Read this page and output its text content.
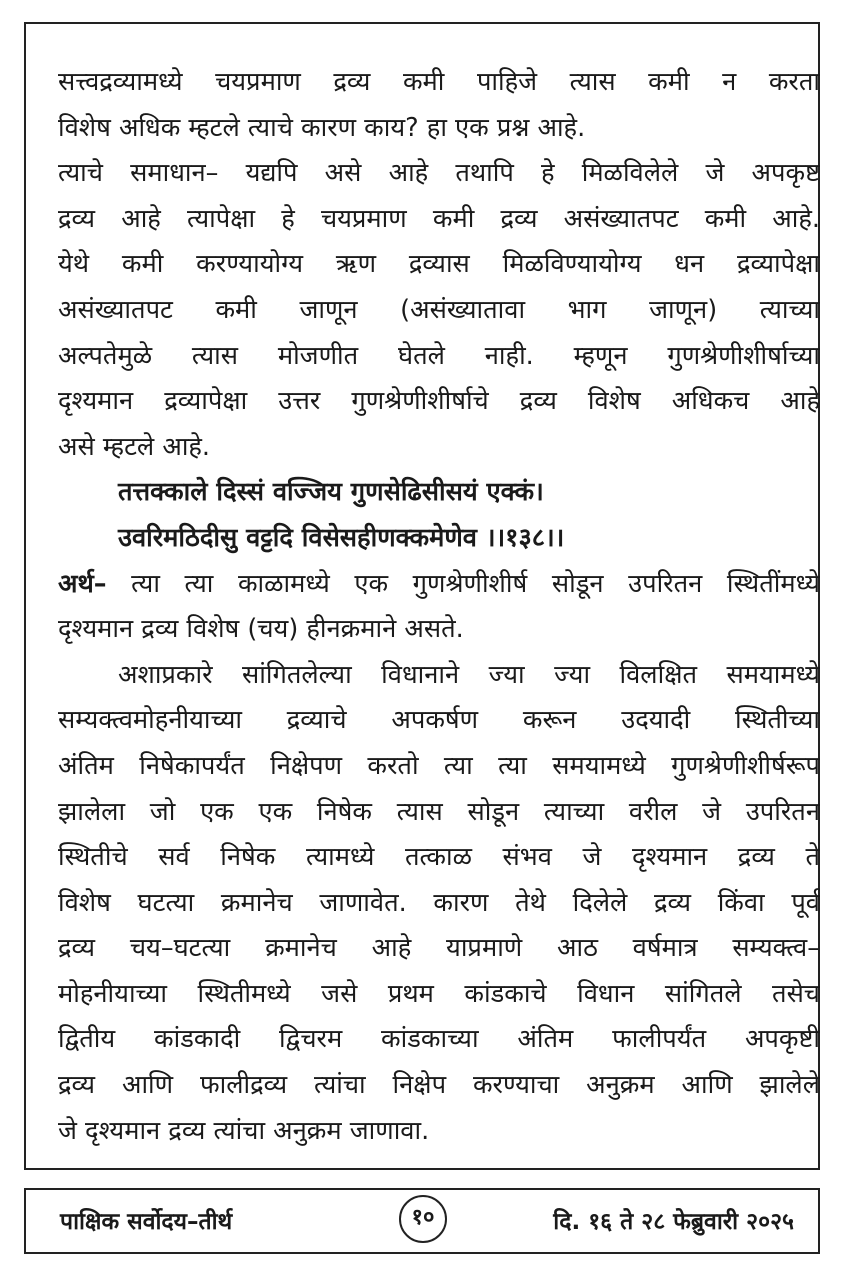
सत्त्वद्रव्यामध्ये चयप्रमाण द्रव्य कमी पाहिजे त्यास कमी न करता
विशेष अधिक म्हटले त्याचे कारण काय? हा एक प्रश्न आहे.
त्याचे समाधान– यद्यपि असे आहे तथापि हे मिळविलेले जे अपकृष्ट
द्रव्य आहे त्यापेक्षा हे चयप्रमाण कमी द्रव्य असंख्यातपट कमी आहे.
येथे कमी करण्यायोग्य ऋण द्रव्यास मिळविण्यायोग्य धन द्रव्यापेक्षा
असंख्यातपट कमी जाणून (असंख्यातावा भाग जाणून) त्याच्या
अल्पतेमुळे त्यास मोजणीत घेतले नाही. म्हणून गुणश्रेणीशीर्षाच्या
दृश्यमान द्रव्यापेक्षा उत्तर गुणश्रेणीशीर्षाचे द्रव्य विशेष अधिकच आहे
असे म्हटले आहे.
तत्तक्काले दिस्सं वज्जिय गुणसेढिसीसयं एक्कं।
उवरिमठिदीसु वट्टदि विसेसहीणक्कमेणेव ।।१३८।।
अर्थ– त्या त्या काळामध्ये एक गुणश्रेणीशीर्ष सोडून उपरितन स्थितींमध्ये
दृश्यमान द्रव्य विशेष (चय) हीनक्रमाने असते.
अशाप्रकारे सांगितलेल्या विधानाने ज्या ज्या विलक्षित समयामध्ये
सम्यक्त्वमोहनीयाच्या द्रव्याचे अपकर्षण करून उदयादी स्थितीच्या
अंतिम निषेकापर्यंत निक्षेपण करतो त्या त्या समयामध्ये गुणश्रेणीशीर्षरूप
झालेला जो एक एक निषेक त्यास सोडून त्याच्या वरील जे उपरितन
स्थितीचे सर्व निषेक त्यामध्ये तत्काळ संभव जे दृश्यमान द्रव्य ते
विशेष घटत्या क्रमानेच जाणावेत. कारण तेथे दिलेले द्रव्य किंवा पूर्व
द्रव्य चय–घटत्या क्रमानेच आहे याप्रमाणे आठ वर्षमात्र सम्यक्त्व–
मोहनीयाच्या स्थितीमध्ये जसे प्रथम कांडकाचे विधान सांगितले तसेच
द्वितीय कांडकादी द्विचरम कांडकाच्या अंतिम फालीपर्यंत अपकृष्टी
द्रव्य आणि फालीद्रव्य त्यांचा निक्षेप करण्याचा अनुक्रम आणि झालेले
जे दृश्यमान द्रव्य त्यांचा अनुक्रम जाणावा.
पाक्षिक सर्वोदय–तीर्थ	१०	दि. १६ ते २८ फेब्रुवारी २०२५
